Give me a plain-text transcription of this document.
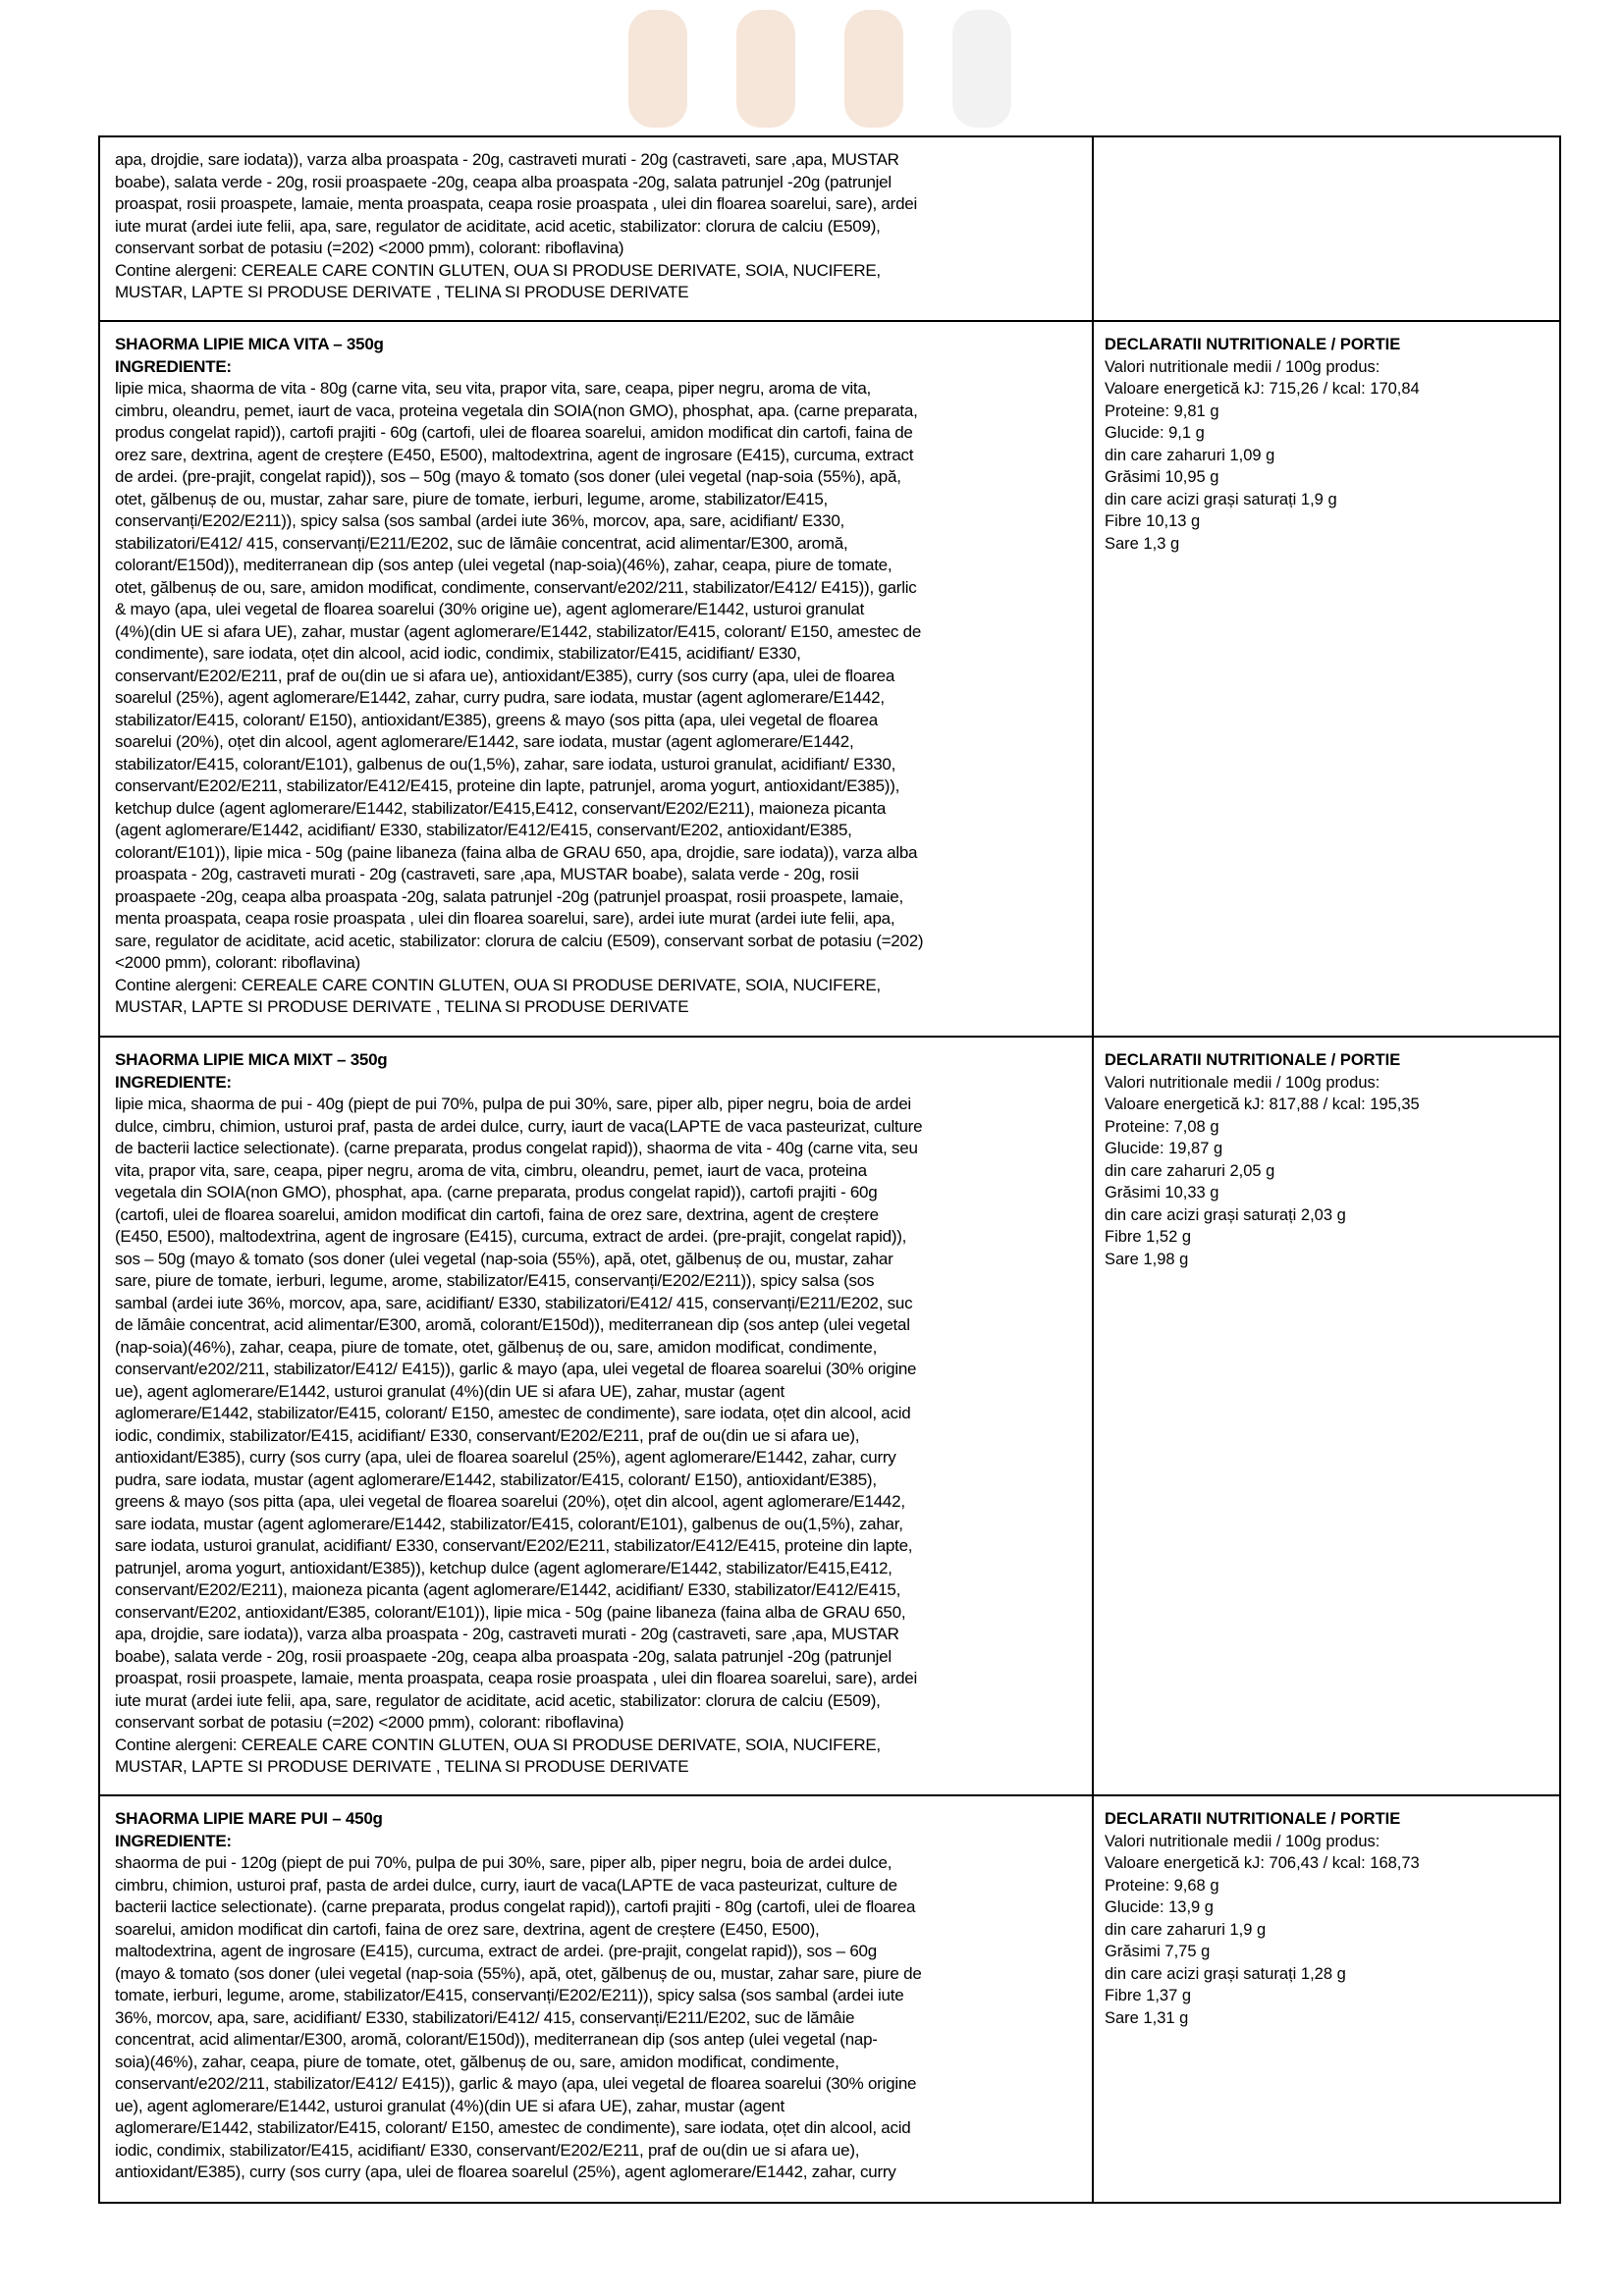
apa, drojdie, sare iodata)), varza alba proaspata - 20g, castraveti murati - 20g (castraveti, sare ,apa, MUSTAR
boabe), salata verde - 20g, rosii proaspaete -20g, ceapa alba proaspata -20g, salata patrunjel -20g (patrunjel
proaspat, rosii proaspete, lamaie, menta proaspata, ceapa rosie proaspata , ulei din floarea soarelui, sare), ardei
iute murat (ardei iute felii, apa, sare, regulator de aciditate, acid acetic, stabilizator: clorura de calciu (E509),
conservant sorbat de potasiu (=202) <2000 pmm), colorant: riboflavina)
Contine alergeni: CEREALE CARE CONTIN GLUTEN, OUA SI PRODUSE DERIVATE, SOIA, NUCIFERE,
MUSTAR, LAPTE SI PRODUSE DERIVATE , TELINA SI PRODUSE DERIVATE
SHAORMA LIPIE MICA VITA – 350g
INGREDIENTE:
lipie mica, shaorma de vita - 80g (carne vita, seu vita, prapor vita, sare, ceapa, piper negru, aroma de vita,
cimbru, oleandru, pemet, iaurt de vaca, proteina vegetala din SOIA(non GMO), phosphat, apa. (carne preparata,
produs congelat rapid)), cartofi prajiti - 60g (cartofi, ulei de floarea soarelui, amidon modificat din cartofi, faina de
orez sare, dextrina, agent de creștere (E450, E500), maltodextrina, agent de ingrosare (E415), curcuma, extract
de ardei. (pre-prajit, congelat rapid)), sos – 50g (mayo & tomato (sos doner (ulei vegetal (nap-soia (55%), apă,
otet, gălbenuș de ou, mustar, zahar sare, piure de tomate, ierburi, legume, arome, stabilizator/E415,
conservanți/E202/E211)), spicy salsa (sos sambal (ardei iute 36%, morcov, apa, sare, acidifiant/ E330,
stabilizatori/E412/ 415, conservanți/E211/E202, suc de lămâie concentrat, acid alimentar/E300, aromă,
colorant/E150d)), mediterranean dip (sos antep (ulei vegetal (nap-soia)(46%), zahar, ceapa, piure de tomate,
otet, gălbenuș de ou, sare, amidon modificat, condimente, conservant/e202/211, stabilizator/E412/ E415)), garlic
& mayo (apa, ulei vegetal de floarea soarelui (30% origine ue), agent aglomerare/E1442, usturoi granulat
(4%)(din UE si afara UE), zahar, mustar (agent aglomerare/E1442, stabilizator/E415, colorant/ E150, amestec de
condimente), sare iodata, oțet din alcool, acid iodic, condimix, stabilizator/E415, acidifiant/ E330,
conservant/E202/E211, praf de ou(din ue si afara ue), antioxidant/E385), curry (sos curry (apa, ulei de floarea
soarelul (25%), agent aglomerare/E1442, zahar, curry pudra, sare iodata, mustar (agent aglomerare/E1442,
stabilizator/E415, colorant/ E150), antioxidant/E385), greens & mayo (sos pitta (apa, ulei vegetal de floarea
soarelui (20%), oțet din alcool, agent aglomerare/E1442, sare iodata, mustar (agent aglomerare/E1442,
stabilizator/E415, colorant/E101), galbenus de ou(1,5%), zahar, sare iodata, usturoi granulat, acidifiant/ E330,
conservant/E202/E211, stabilizator/E412/E415, proteine din lapte, patrunjel, aroma yogurt, antioxidant/E385)),
ketchup dulce (agent aglomerare/E1442, stabilizator/E415,E412, conservant/E202/E211), maioneza picanta
(agent aglomerare/E1442, acidifiant/ E330, stabilizator/E412/E415, conservant/E202, antioxidant/E385,
colorant/E101)), lipie mica - 50g (paine libaneza (faina alba de GRAU 650, apa, drojdie, sare iodata)), varza alba
proaspata - 20g, castraveti murati - 20g (castraveti, sare ,apa, MUSTAR boabe), salata verde - 20g, rosii
proaspaete -20g, ceapa alba proaspata -20g, salata patrunjel -20g (patrunjel proaspat, rosii proaspete, lamaie,
menta proaspata, ceapa rosie proaspata , ulei din floarea soarelui, sare), ardei iute murat (ardei iute felii, apa,
sare, regulator de aciditate, acid acetic, stabilizator: clorura de calciu (E509), conservant sorbat de potasiu (=202)
<2000 pmm), colorant: riboflavina)
Contine alergeni: CEREALE CARE CONTIN GLUTEN, OUA SI PRODUSE DERIVATE, SOIA, NUCIFERE,
MUSTAR, LAPTE SI PRODUSE DERIVATE , TELINA SI PRODUSE DERIVATE
DECLARATII NUTRITIONALE / PORTIE
Valori nutritionale medii / 100g produs:
Valoare energetică kJ: 715,26 / kcal: 170,84
Proteine: 9,81 g
Glucide: 9,1 g
din care zaharuri 1,09 g
Grăsimi 10,95 g
din care acizi grași saturați 1,9 g
Fibre 10,13 g
Sare 1,3 g
SHAORMA LIPIE MICA MIXT – 350g
INGREDIENTE:
lipie mica, shaorma de pui - 40g (piept de pui 70%, pulpa de pui 30%, sare, piper alb, piper negru, boia de ardei
dulce, cimbru, chimion, usturoi praf, pasta de ardei dulce, curry, iaurt de vaca(LAPTE de vaca pasteurizat, culture
de bacterii lactice selectionate). (carne preparata, produs congelat rapid)), shaorma de vita - 40g (carne vita, seu
vita, prapor vita, sare, ceapa, piper negru, aroma de vita, cimbru, oleandru, pemet, iaurt de vaca, proteina
vegetala din SOIA(non GMO), phosphat, apa. (carne preparata, produs congelat rapid)), cartofi prajiti - 60g
(cartofi, ulei de floarea soarelui, amidon modificat din cartofi, faina de orez sare, dextrina, agent de creștere
(E450, E500), maltodextrina, agent de ingrosare (E415), curcuma, extract de ardei. (pre-prajit, congelat rapid)),
sos – 50g (mayo & tomato (sos doner (ulei vegetal (nap-soia (55%), apă, otet, gălbenuș de ou, mustar, zahar
sare, piure de tomate, ierburi, legume, arome, stabilizator/E415, conservanți/E202/E211)), spicy salsa (sos
sambal (ardei iute 36%, morcov, apa, sare, acidifiant/ E330, stabilizatori/E412/ 415, conservanți/E211/E202, suc
de lămâie concentrat, acid alimentar/E300, aromă, colorant/E150d)), mediterranean dip (sos antep (ulei vegetal
(nap-soia)(46%), zahar, ceapa, piure de tomate, otet, gălbenuș de ou, sare, amidon modificat, condimente,
conservant/e202/211, stabilizator/E412/ E415)), garlic & mayo (apa, ulei vegetal de floarea soarelui (30% origine
ue), agent aglomerare/E1442, usturoi granulat (4%)(din UE si afara UE), zahar, mustar (agent
aglomerare/E1442, stabilizator/E415, colorant/ E150, amestec de condimente), sare iodata, oțet din alcool, acid
iodic, condimix, stabilizator/E415, acidifiant/ E330, conservant/E202/E211, praf de ou(din ue si afara ue),
antioxidant/E385), curry (sos curry (apa, ulei de floarea soarelul (25%), agent aglomerare/E1442, zahar, curry
pudra, sare iodata, mustar (agent aglomerare/E1442, stabilizator/E415, colorant/ E150), antioxidant/E385),
greens & mayo (sos pitta (apa, ulei vegetal de floarea soarelui (20%), oțet din alcool, agent aglomerare/E1442,
sare iodata, mustar (agent aglomerare/E1442, stabilizator/E415, colorant/E101), galbenus de ou(1,5%), zahar,
sare iodata, usturoi granulat, acidifiant/ E330, conservant/E202/E211, stabilizator/E412/E415, proteine din lapte,
patrunjel, aroma yogurt, antioxidant/E385)), ketchup dulce (agent aglomerare/E1442, stabilizator/E415,E412,
conservant/E202/E211), maioneza picanta (agent aglomerare/E1442, acidifiant/ E330, stabilizator/E412/E415,
conservant/E202, antioxidant/E385, colorant/E101)), lipie mica - 50g (paine libaneza (faina alba de GRAU 650,
apa, drojdie, sare iodata)), varza alba proaspata - 20g, castraveti murati - 20g (castraveti, sare ,apa, MUSTAR
boabe), salata verde - 20g, rosii proaspaete -20g, ceapa alba proaspata -20g, salata patrunjel -20g (patrunjel
proaspat, rosii proaspete, lamaie, menta proaspata, ceapa rosie proaspata , ulei din floarea soarelui, sare), ardei
iute murat (ardei iute felii, apa, sare, regulator de aciditate, acid acetic, stabilizator: clorura de calciu (E509),
conservant sorbat de potasiu (=202) <2000 pmm), colorant: riboflavina)
Contine alergeni: CEREALE CARE CONTIN GLUTEN, OUA SI PRODUSE DERIVATE, SOIA, NUCIFERE,
MUSTAR, LAPTE SI PRODUSE DERIVATE , TELINA SI PRODUSE DERIVATE
DECLARATII NUTRITIONALE / PORTIE
Valori nutritionale medii / 100g produs:
Valoare energetică kJ: 817,88 / kcal: 195,35
Proteine: 7,08 g
Glucide: 19,87 g
din care zaharuri 2,05 g
Grăsimi 10,33 g
din care acizi grași saturați 2,03 g
Fibre 1,52 g
Sare 1,98 g
SHAORMA LIPIE MARE PUI – 450g
INGREDIENTE:
shaorma de pui - 120g (piept de pui 70%, pulpa de pui 30%, sare, piper alb, piper negru, boia de ardei dulce,
cimbru, chimion, usturoi praf, pasta de ardei dulce, curry, iaurt de vaca(LAPTE de vaca pasteurizat, culture de
bacterii lactice selectionate). (carne preparata, produs congelat rapid)), cartofi prajiti - 80g (cartofi, ulei de floarea
soarelui, amidon modificat din cartofi, faina de orez sare, dextrina, agent de creștere (E450, E500),
maltodextrina, agent de ingrosare (E415), curcuma, extract de ardei. (pre-prajit, congelat rapid)), sos – 60g
(mayo & tomato (sos doner (ulei vegetal (nap-soia (55%), apă, otet, gălbenuș de ou, mustar, zahar sare, piure de
tomate, ierburi, legume, arome, stabilizator/E415, conservanți/E202/E211)), spicy salsa (sos sambal (ardei iute
36%, morcov, apa, sare, acidifiant/ E330, stabilizatori/E412/ 415, conservanți/E211/E202, suc de lămâie
concentrat, acid alimentar/E300, aromă, colorant/E150d)), mediterranean dip (sos antep (ulei vegetal (nap-
soia)(46%), zahar, ceapa, piure de tomate, otet, gălbenuș de ou, sare, amidon modificat, condimente,
conservant/e202/211, stabilizator/E412/ E415)), garlic & mayo (apa, ulei vegetal de floarea soarelui (30% origine
ue), agent aglomerare/E1442, usturoi granulat (4%)(din UE si afara UE), zahar, mustar (agent
aglomerare/E1442, stabilizator/E415, colorant/ E150, amestec de condimente), sare iodata, oțet din alcool, acid
iodic, condimix, stabilizator/E415, acidifiant/ E330, conservant/E202/E211, praf de ou(din ue si afara ue),
antioxidant/E385), curry (sos curry (apa, ulei de floarea soarelul (25%), agent aglomerare/E1442, zahar, curry
DECLARATII NUTRITIONALE / PORTIE
Valori nutritionale medii / 100g produs:
Valoare energetică kJ: 706,43 / kcal: 168,73
Proteine: 9,68 g
Glucide: 13,9 g
din care zaharuri 1,9 g
Grăsimi 7,75 g
din care acizi grași saturați 1,28 g
Fibre 1,37 g
Sare 1,31 g
